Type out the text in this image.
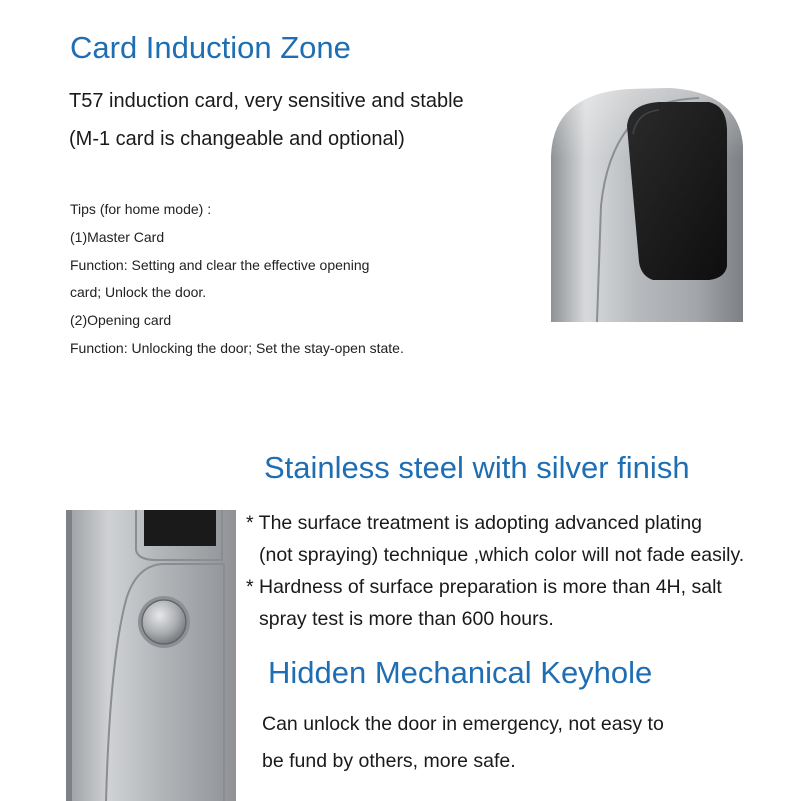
Card Induction Zone
T57 induction card, very sensitive and stable
(M-1 card is changeable and optional)
Tips (for home mode) :
(1)Master Card
Function: Setting and clear the effective opening
card; Unlock the door.
(2)Opening card
Function: Unlocking the door; Set the stay-open state.
Stainless steel with silver finish
* The surface treatment is adopting advanced plating
(not spraying) technique ,which color will not fade easily.
* Hardness of surface preparation is more than 4H, salt
spray test is more than 600 hours.
Hidden Mechanical Keyhole
Can unlock the door in emergency, not easy to
be fund by others, more safe.
